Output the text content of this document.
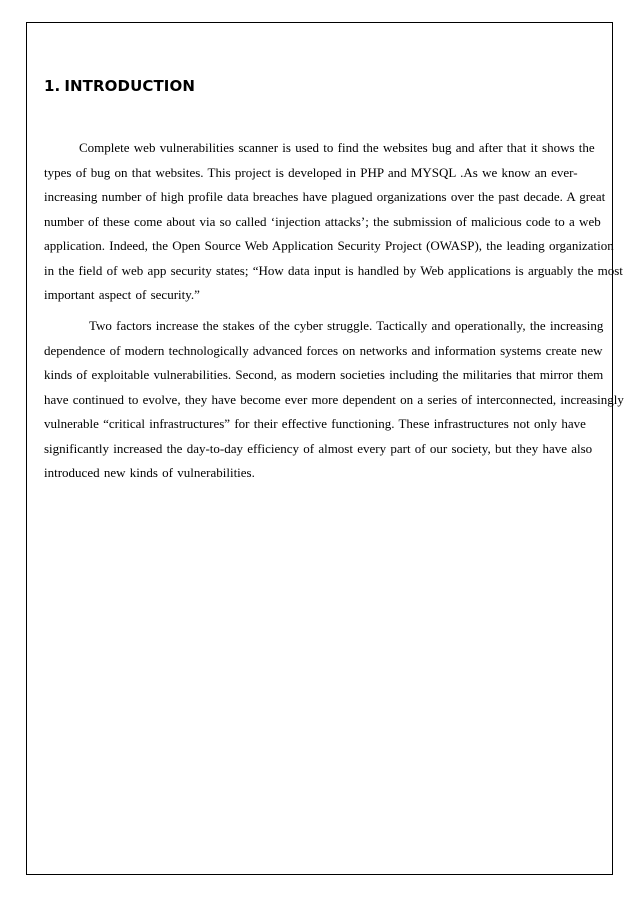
1. INTRODUCTION
Complete web vulnerabilities scanner is used to find the websites bug and after that it shows the
types of bug on that websites. This project is developed in PHP and MYSQL .As we know an ever-
increasing number of high profile data breaches have plagued organizations over the past decade. A great
number of these come about via so called ‘injection attacks’; the submission of malicious code to a web
application. Indeed, the Open Source Web Application Security Project (OWASP), the leading organization
in the field of web app security states; “How data input is handled by Web applications is arguably the most
important aspect of security.”
Two factors increase the stakes of the cyber struggle. Tactically and operationally, the increasing
dependence of modern technologically advanced forces on networks and information systems create new
kinds of exploitable vulnerabilities. Second, as modern societies including the militaries that mirror them
have continued to evolve, they have become ever more dependent on a series of interconnected, increasingly
vulnerable “critical infrastructures” for their effective functioning. These infrastructures not only have
significantly increased the day-to-day efficiency of almost every part of our society, but they have also
introduced new kinds of vulnerabilities.
